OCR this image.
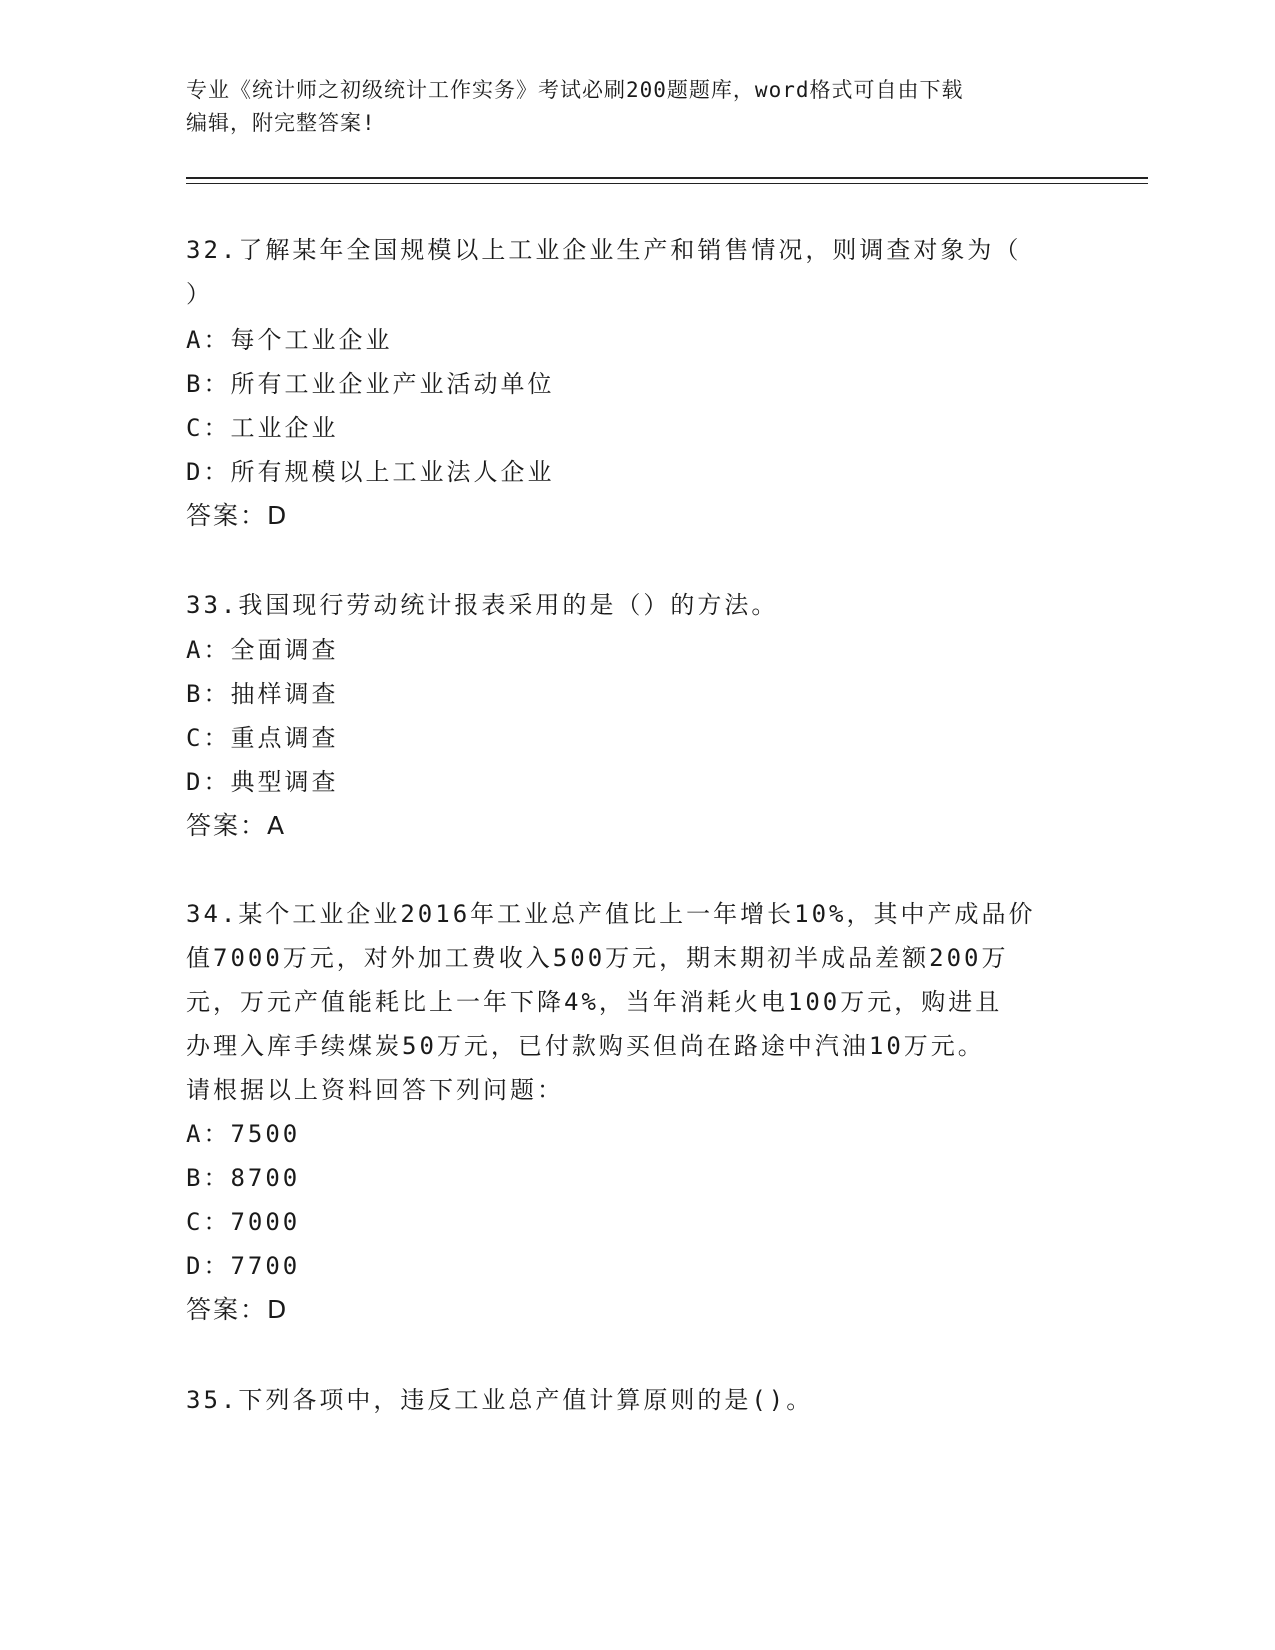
专业《统计师之初级统计工作实务》考试必刷200题题库，word格式可自由下载
编辑，附完整答案!
32.了解某年全国规模以上工业企业生产和销售情况，则调查对象为（
）
A：每个工业企业
B：所有工业企业产业活动单位
C：工业企业
D：所有规模以上工业法人企业
答案：D
33.我国现行劳动统计报表采用的是（）的方法。
A：全面调查
B：抽样调查
C：重点调查
D：典型调查
答案：A
34.某个工业企业2016年工业总产值比上一年增长10%，其中产成品价
值7000万元，对外加工费收入500万元，期末期初半成品差额200万
元，万元产值能耗比上一年下降4%，当年消耗火电100万元，购进且
办理入库手续煤炭50万元，已付款购买但尚在路途中汽油10万元。
请根据以上资料回答下列问题：
A：7500
B：8700
C：7000
D：7700
答案：D
35.下列各项中，违反工业总产值计算原则的是()。
